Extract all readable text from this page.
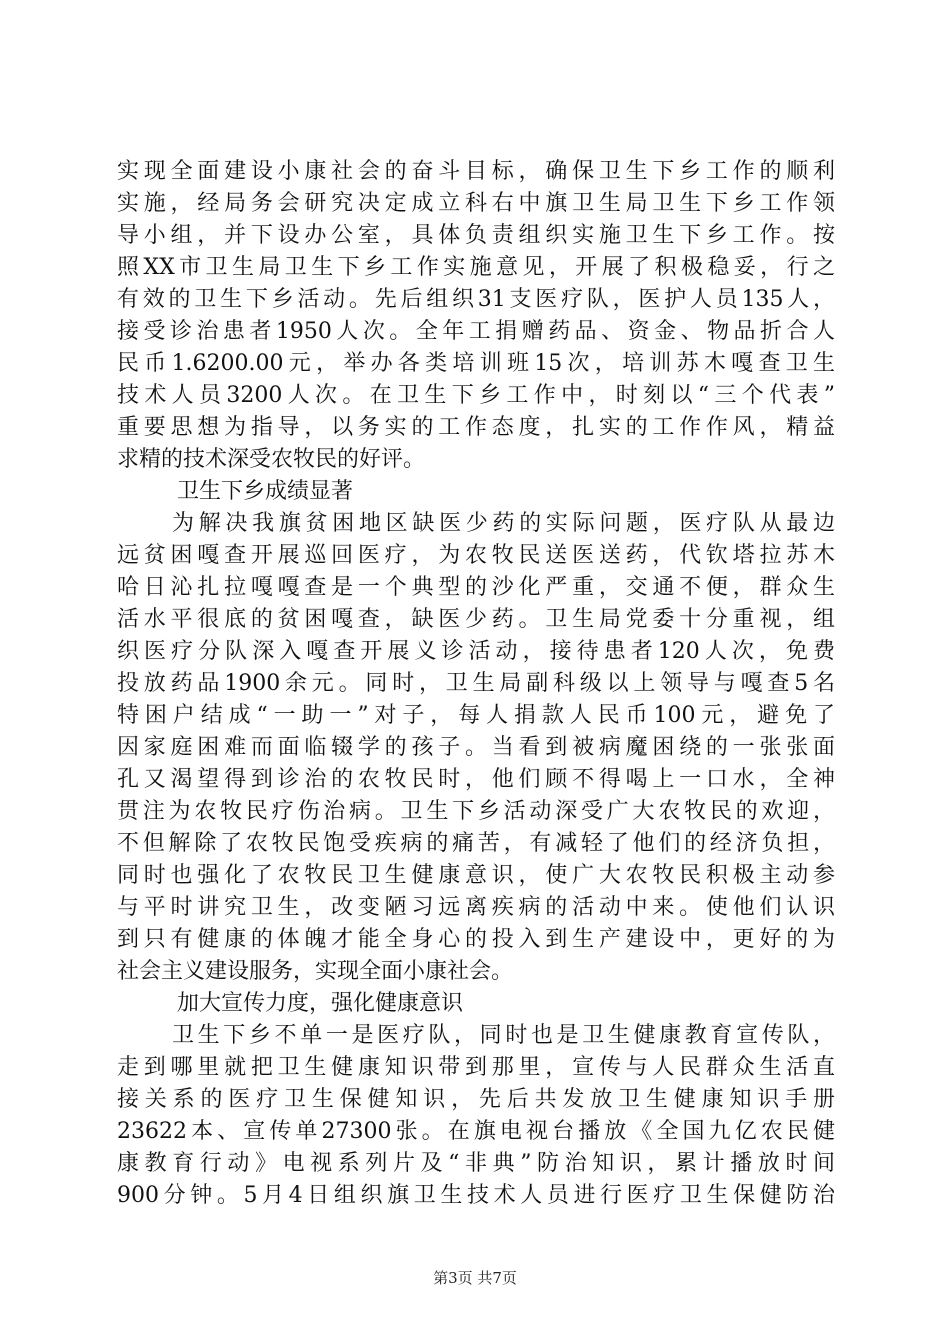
实现全面建设小康社会的奋斗目标，确保卫生下乡工作的顺利
实施，经局务会研究决定成立科右中旗卫生局卫生下乡工作领
导小组，并下设办公室，具体负责组织实施卫生下乡工作。按
照XX市卫生局卫生下乡工作实施意见，开展了积极稳妥，行之
有效的卫生下乡活动。先后组织31支医疗队，医护人员135人，
接受诊治患者1950人次。全年工捐赠药品、资金、物品折合人
民币1.6200.00元，举办各类培训班15次，培训苏木嘎查卫生
技术人员3200人次。在卫生下乡工作中，时刻以“三个代表”
重要思想为指导，以务实的工作态度，扎实的工作作风，精益
求精的技术深受农牧民的好评。
卫生下乡成绩显著
为解决我旗贫困地区缺医少药的实际问题，医疗队从最边
远贫困嘎查开展巡回医疗，为农牧民送医送药，代钦塔拉苏木
哈日沁扎拉嘎嘎查是一个典型的沙化严重，交通不便，群众生
活水平很底的贫困嘎查，缺医少药。卫生局党委十分重视，组
织医疗分队深入嘎查开展义诊活动，接待患者120人次，免费
投放药品1900余元。同时，卫生局副科级以上领导与嘎查5名
特困户结成“一助一”对子，每人捐款人民币100元，避免了
因家庭困难而面临辍学的孩子。当看到被病魔困绕的一张张面
孔又渴望得到诊治的农牧民时，他们顾不得喝上一口水，全神
贯注为农牧民疗伤治病。卫生下乡活动深受广大农牧民的欢迎，
不但解除了农牧民饱受疾病的痛苦，有减轻了他们的经济负担，
同时也强化了农牧民卫生健康意识，使广大农牧民积极主动参
与平时讲究卫生，改变陋习远离疾病的活动中来。使他们认识
到只有健康的体魄才能全身心的投入到生产建设中，更好的为
社会主义建设服务，实现全面小康社会。
加大宣传力度，强化健康意识
卫生下乡不单一是医疗队，同时也是卫生健康教育宣传队，
走到哪里就把卫生健康知识带到那里，宣传与人民群众生活直
接关系的医疗卫生保健知识，先后共发放卫生健康知识手册
23622本、宣传单27300张。在旗电视台播放《全国九亿农民健
康教育行动》电视系列片及“非典”防治知识，累计播放时间
900分钟。5月4日组织旗卫生技术人员进行医疗卫生保健防治
第3页 共7页
